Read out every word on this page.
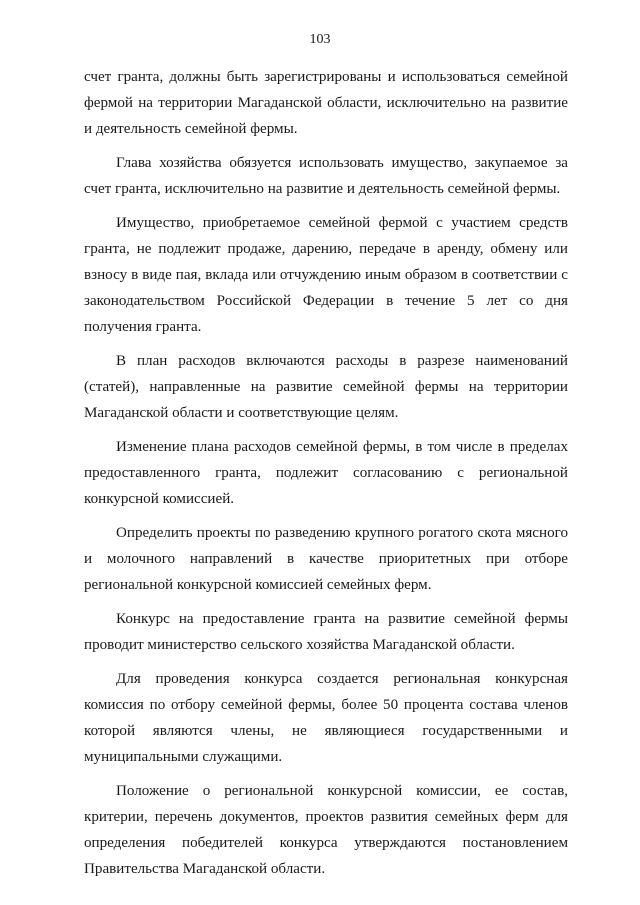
103

счет гранта, должны быть зарегистрированы и использоваться семейной фермой на территории Магаданской области, исключительно на развитие и деятельность семейной фермы.

Глава хозяйства обязуется использовать имущество, закупаемое за счет гранта, исключительно на развитие и деятельность семейной фермы.

Имущество, приобретаемое семейной фермой с участием средств гранта, не подлежит продаже, дарению, передаче в аренду, обмену или взносу в виде пая, вклада или отчуждению иным образом в соответствии с законодательством Российской Федерации в течение 5 лет со дня получения гранта.

В план расходов включаются расходы в разрезе наименований (статей), направленные на развитие семейной фермы на территории Магаданской области и соответствующие целям.

Изменение плана расходов семейной фермы, в том числе в пределах предоставленного гранта, подлежит согласованию с региональной конкурсной комиссией.

Определить проекты по разведению крупного рогатого скота мясного и молочного направлений в качестве приоритетных при отборе региональной конкурсной комиссией семейных ферм.

Конкурс на предоставление гранта на развитие семейной фермы проводит министерство сельского хозяйства Магаданской области.

Для проведения конкурса создается региональная конкурсная комиссия по отбору семейной фермы, более 50 процента состава членов которой являются члены, не являющиеся государственными и муниципальными служащими.

Положение о региональной конкурсной комиссии, ее состав, критерии, перечень документов, проектов развития семейных ферм для определения победителей конкурса утверждаются постановлением Правительства Магаданской области.
